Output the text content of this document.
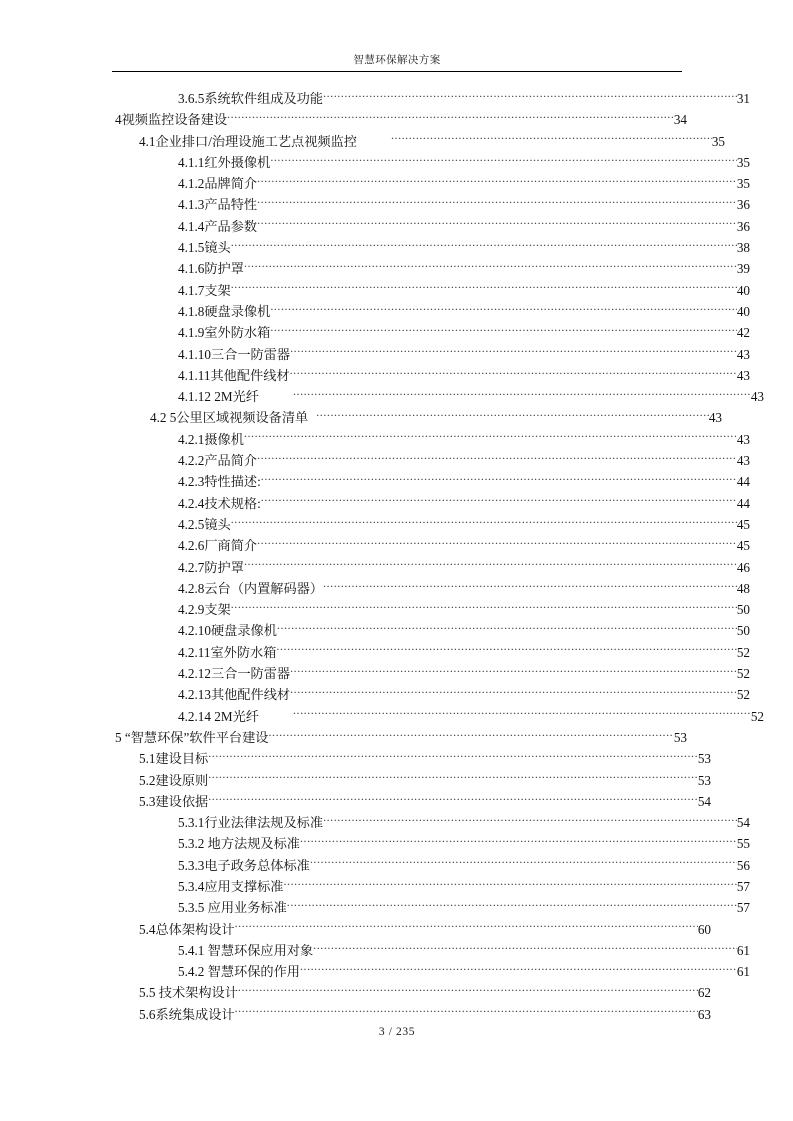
智慧环保解决方案
3.6.5系统软件组成及功能 .....	31
4视频监控设备建设 .....	34
4.1企业排口/治理设施工艺点视频监控 .....	35
4.1.1红外摄像机 .....	35
4.1.2品牌简介 .....	35
4.1.3产品特性 .....	36
4.1.4产品参数 .....	36
4.1.5镜头 .....	38
4.1.6防护罩 .....	39
4.1.7支架 .....	40
4.1.8硬盘录像机 .....	40
4.1.9室外防水箱 .....	42
4.1.10三合一防雷器 .....	43
4.1.11其他配件线材 .....	43
4.1.12 2M光纤 .....	43
4.2 5公里区域视频设备清单 .....	43
4.2.1摄像机 .....	43
4.2.2产品简介 .....	43
4.2.3特性描述: .....	44
4.2.4技术规格: .....	44
4.2.5镜头 .....	45
4.2.6厂商简介 .....	45
4.2.7防护罩 .....	46
4.2.8云台（内置解码器） .....	48
4.2.9支架 .....	50
4.2.10硬盘录像机 .....	50
4.2.11室外防水箱 .....	52
4.2.12三合一防雷器 .....	52
4.2.13其他配件线材 .....	52
4.2.14 2M光纤 .....	52
5 “智慧环保”软件平台建设 .....	53
5.1建设目标 .....	53
5.2建设原则 .....	53
5.3建设依据 .....	54
5.3.1行业法律法规及标准 .....	54
5.3.2 地方法规及标准 .....	55
5.3.3电子政务总体标准 .....	56
5.3.4应用支撑标准 .....	57
5.3.5 应用业务标准 .....	57
5.4总体架构设计 .....	60
5.4.1 智慧环保应用对象 .....	61
5.4.2 智慧环保的作用 .....	61
5.5 技术架构设计 .....	62
5.6系统集成设计 .....	63
3 / 235
